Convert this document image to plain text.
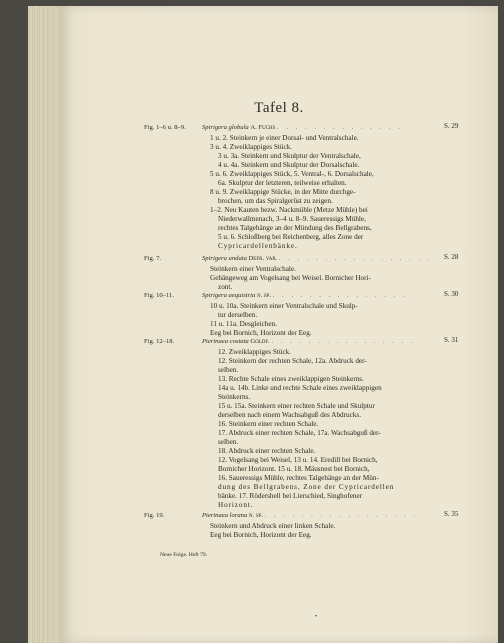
Tafel 8.
Fig. 1–6 u. 8–9. Spirigera globula A. Fuchs . . . . . . . . . . . . . .	S. 29
1 u. 2. Steinkern je einer Dorsal- und Ventralschale.
3 u. 4. Zweiklappiges Stück.
3 u. 3a. Steinkern und Skulptur der Ventralschale,
4 u. 4a. Steinkern und Skulptur der Dorsalschale.
5 u. 6. Zweiklappiges Stück, 5. Ventral-, 6. Dorsalschale,
6a. Skulptur der letzteren, teilweise erhalten.
8 u. 9. Zweiklappige Stücke, in der Mitte durchge-
brochen, um das Spiralgerüst zu zeigen.
1–2. Neu Kauten bezw. Nackmühle (Metze Mühle) bei
Niederwallmenach, 3–4 u. 8–9. Saueressigs Mühle,
rechtes Talgehänge an der Mündung des Bellgrabens,
5 u. 6. Schloßberg bei Reichenberg, alles Zone der
Cypricardellenbänke.
Fig. 7.	Spirigera undata Defr. var. . . . . . . . . . . . . . . . . . S. 28
Steinkern einer Ventralschale.
Gehängeweg am Vogelsang bei Weisel. Bornicher Hori-
zont.
Fig. 10–11.	Spirigera aequistria n. sp. . . . . . . . . . . . . . . .	S. 30
10 u. 10a. Steinkern einer Ventralschale und Skulp-
tur derselben.
11 u. 11a. Desgleichen.
Eeg bei Bornich, Horizont der Eeg.
Fig. 12–18.	Pterinaea costata Goldf. . . . . . . . . . . . . . . . .	S. 31
12. Zweiklappiges Stück.
12. Steinkern der rechten Schale, 12a. Abdruck der-
selben.
13. Rechte Schale eines zweiklappigen Steinkerns.
14a u. 14b. Linke und rechte Schale eines zweiklappigen
Steinkerns.
15 u. 15a. Steinkern einer rechten Schale und Skulptur
derselben nach einem Wachsabguß des Abdrucks.
16. Steinkern einer rechten Schale.
17. Abdruck einer rechten Schale, 17a. Wachsabguß der-
selben.
18. Abdruck einer rechten Schale.
12. Vogelsang bei Weisel, 13 u. 14. Eredill bei Bornich,
Bornicher Horizont. 15 u. 18. Mäusnest bei Bornich,
16. Saueressigs Mühle, rechtes Talgehänge an der Mün-
dung des Bellgrabens, Zone der Cypricardellen
bänke. 17. Rödershell bei Lierschied, Singhofener
Horizont.
Fig. 19.	Pterinaea lorana n. sp. . . . . . . . . . . . . . . . . .	S. 35
Steinkern und Abdruck einer linken Schale.
Eeg bei Bornich, Horizont der Eeg.
Neue Folge. Heft 79.
•
